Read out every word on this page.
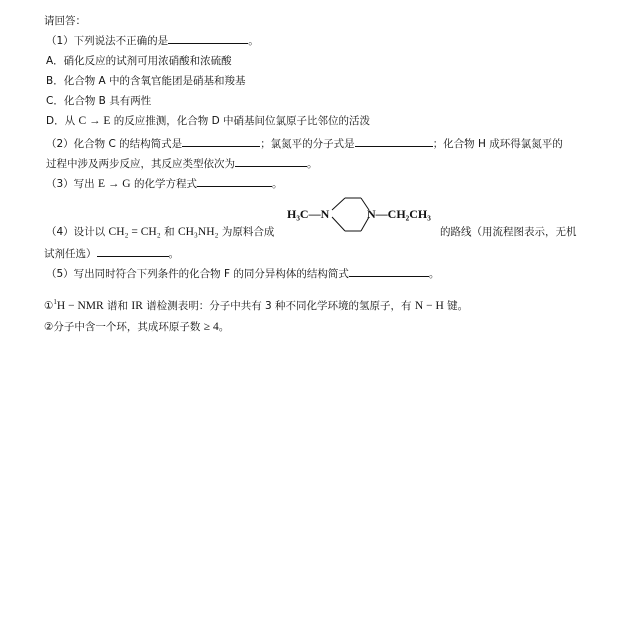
请回答：
（1）下列说法不正确的是	。
A．硝化反应的试剂可用浓硝酸和浓硫酸
B．化合物 A 中的含氧官能团是硝基和羧基
C．化合物 B 具有两性
D．从 C → E 的反应推测，化合物 D 中硝基间位氯原子比邻位的活泼
（2）化合物 C 的结构简式是	；氯氮平的分子式是	；化合物 H 成环得氯氮平的
过程中涉及两步反应，其反应类型依次为	。
（3）写出 E → G 的化学方程式	。
（4）设计以 CH₂ = CH₂ 和 CH₃NH₂ 为原料合成	的路线（用流程图表示，无机
试剂任选）	。
H₃C—N	N—CH₂CH₃
（5）写出同时符合下列条件的化合物 F 的同分异构体的结构简式	。
①$^1$H − NMR 谱和 IR 谱检测表明：分子中共有 3 种不同化学环境的氢原子，有 N − H 键。
②分子中含一个环，其成环原子数 ≥ 4。
